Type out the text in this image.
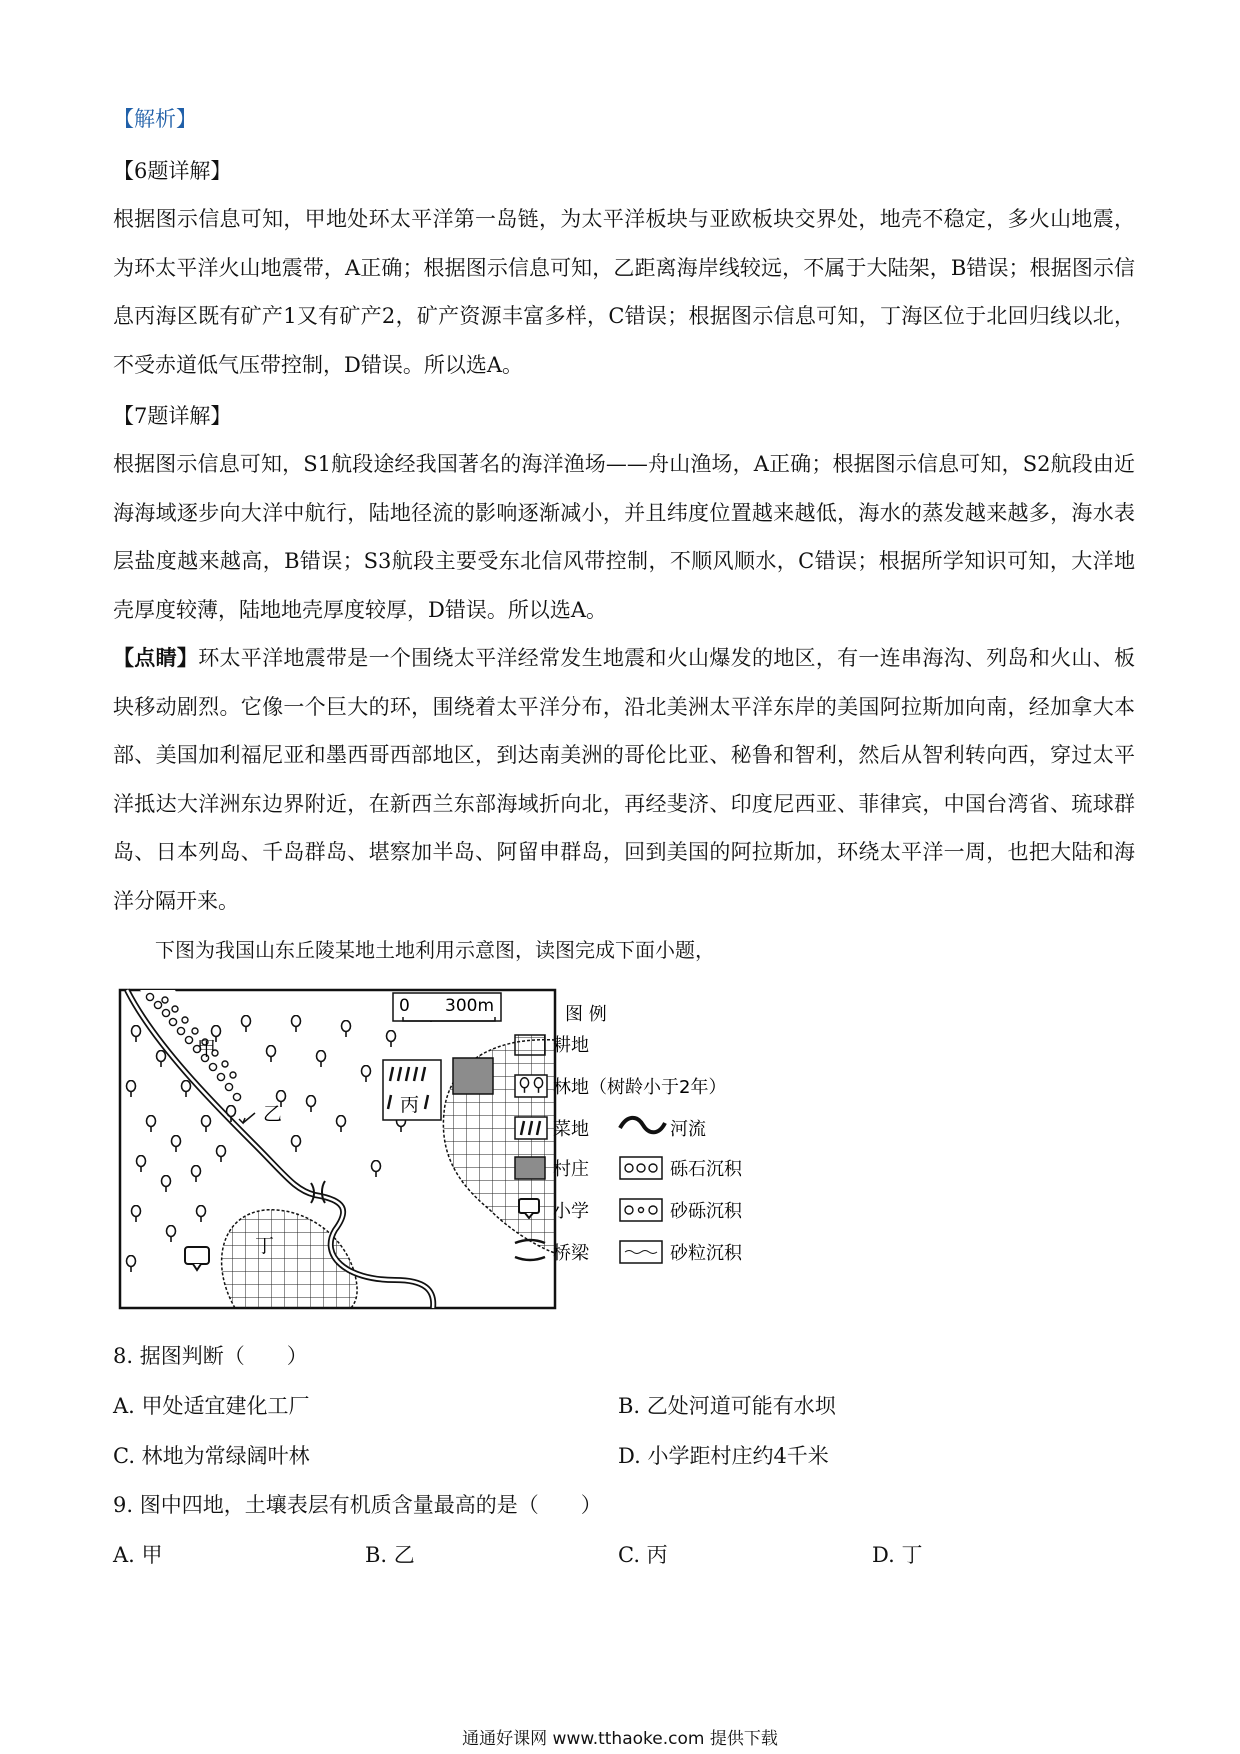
【解析】
【6题详解】

根据图示信息可知，甲地处环太平洋第一岛链，为太平洋板块与亚欧板块交界处，地壳不稳定，多火山地震，为环太平洋火山地震带，A正确；根据图示信息可知，乙距离海岸线较远，不属于大陆架，B错误；根据图示信息丙海区既有矿产1又有矿产2，矿产资源丰富多样，C错误；根据图示信息可知，丁海区位于北回归线以北，不受赤道低气压带控制，D错误。所以选A。

【7题详解】

根据图示信息可知，S1航段途经我国著名的海洋渔场——舟山渔场，A正确；根据图示信息可知，S2航段由近海海域逐步向大洋中航行，陆地径流的影响逐渐减小，并且纬度位置越来越低，海水的蒸发越来越多，海水表层盐度越来越高，B错误；S3航段主要受东北信风带控制，不顺风顺水，C错误；根据所学知识可知，大洋地壳厚度较薄，陆地地壳厚度较厚，D错误。所以选A。

【点睛】环太平洋地震带是一个围绕太平洋经常发生地震和火山爆发的地区，有一连串海沟、列岛和火山、板块移动剧烈。它像一个巨大的环，围绕着太平洋分布，沿北美洲太平洋东岸的美国阿拉斯加向南，经加拿大本部、美国加利福尼亚和墨西哥西部地区，到达南美洲的哥伦比亚、秘鲁和智利，然后从智利转向西，穿过太平洋抵达大洋洲东边界附近，在新西兰东部海域折向北，再经斐济、印度尼西亚、菲律宾，中国台湾省、琉球群岛、日本列岛、千岛群岛、堪察加半岛、阿留申群岛，回到美国的阿拉斯加，环绕太平洋一周，也把大陆和海洋分隔开来。

下图为我国山东丘陵某地土地利用示意图，读图完成下面小题，
0 300m
丙
甲
乙
丁
图 例
耕地
林地（树龄小于2年）
菜地	河流
村庄	砾石沉积
小学	砂砾沉积
桥梁	砂粒沉积
8. 据图判断（　　）
A. 甲处适宜建化工厂	B. 乙处河道可能有水坝
C. 林地为常绿阔叶林	D. 小学距村庄约4千米
9. 图中四地，土壤表层有机质含量最高的是（　　）
A. 甲	B. 乙	C. 丙	D. 丁
通通好课网 www.tthaoke.com 提供下载
